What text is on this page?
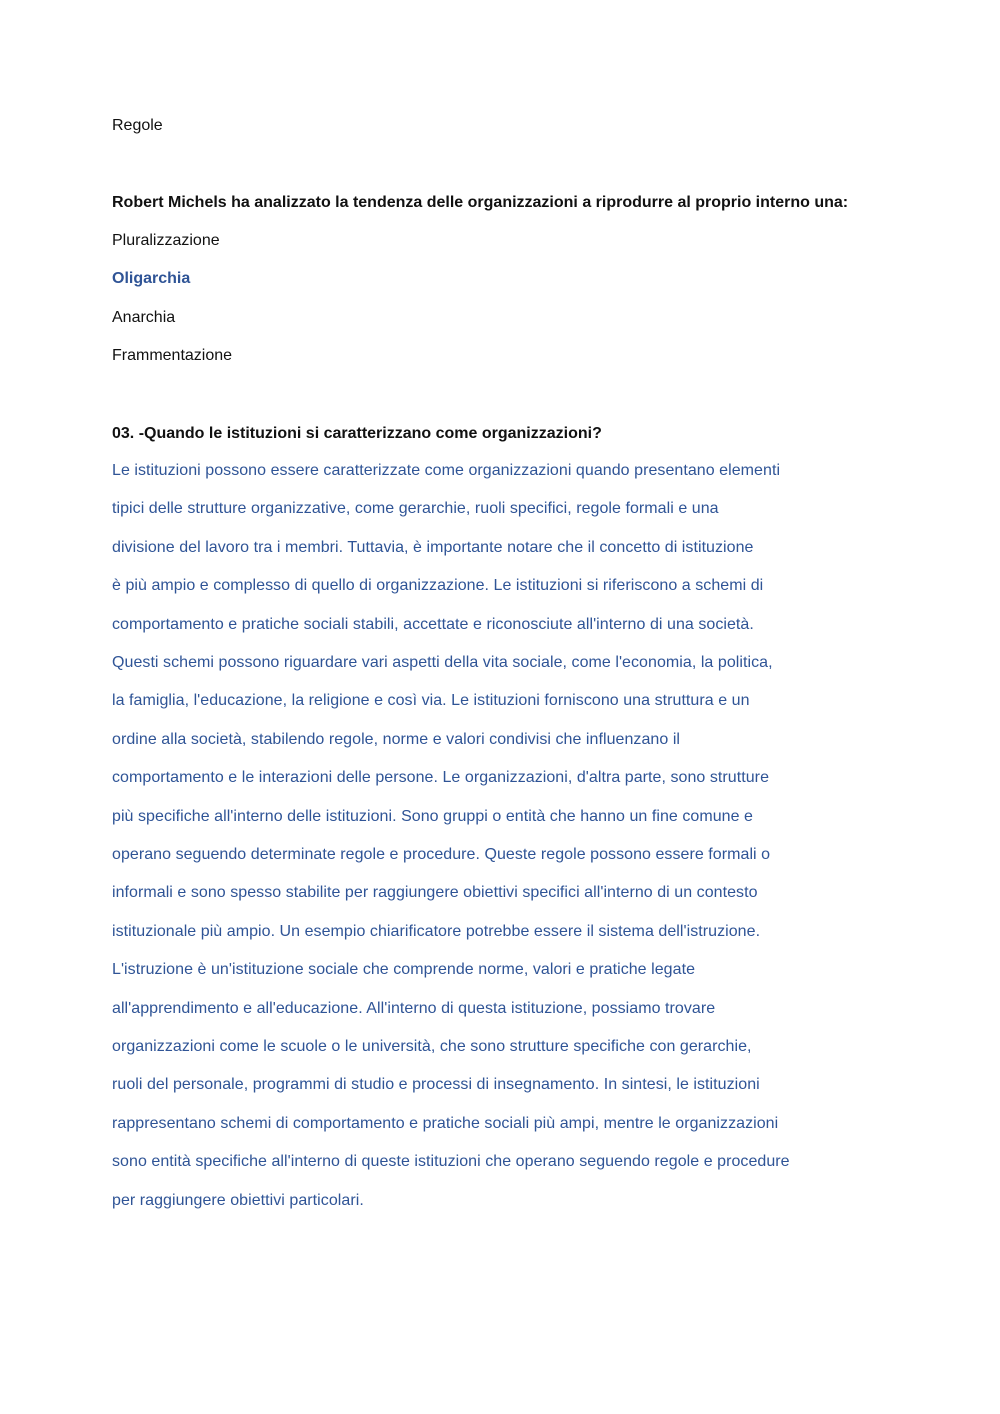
Regole

Robert Michels ha analizzato la tendenza delle organizzazioni a riprodurre al proprio interno una:

Pluralizzazione

Oligarchia

Anarchia

Frammentazione

03. -Quando le istituzioni si caratterizzano come organizzazioni?

Le istituzioni possono essere caratterizzate come organizzazioni quando presentano elementi

tipici delle strutture organizzative, come gerarchie, ruoli specifici, regole formali e una

divisione del lavoro tra i membri. Tuttavia, è importante notare che il concetto di istituzione

è più ampio e complesso di quello di organizzazione. Le istituzioni si riferiscono a schemi di

comportamento e pratiche sociali stabili, accettate e riconosciute all'interno di una società.

Questi schemi possono riguardare vari aspetti della vita sociale, come l'economia, la politica,

la famiglia, l'educazione, la religione e così via. Le istituzioni forniscono una struttura e un

ordine alla società, stabilendo regole, norme e valori condivisi che influenzano il

comportamento e le interazioni delle persone. Le organizzazioni, d'altra parte, sono strutture

più specifiche all'interno delle istituzioni. Sono gruppi o entità che hanno un fine comune e

operano seguendo determinate regole e procedure. Queste regole possono essere formali o

informali e sono spesso stabilite per raggiungere obiettivi specifici all'interno di un contesto

istituzionale più ampio. Un esempio chiarificatore potrebbe essere il sistema dell'istruzione.

L'istruzione è un'istituzione sociale che comprende norme, valori e pratiche legate

all'apprendimento e all'educazione. All'interno di questa istituzione, possiamo trovare

organizzazioni come le scuole o le università, che sono strutture specifiche con gerarchie,

ruoli del personale, programmi di studio e processi di insegnamento. In sintesi, le istituzioni

rappresentano schemi di comportamento e pratiche sociali più ampi, mentre le organizzazioni

sono entità specifiche all'interno di queste istituzioni che operano seguendo regole e procedure

per raggiungere obiettivi particolari.
